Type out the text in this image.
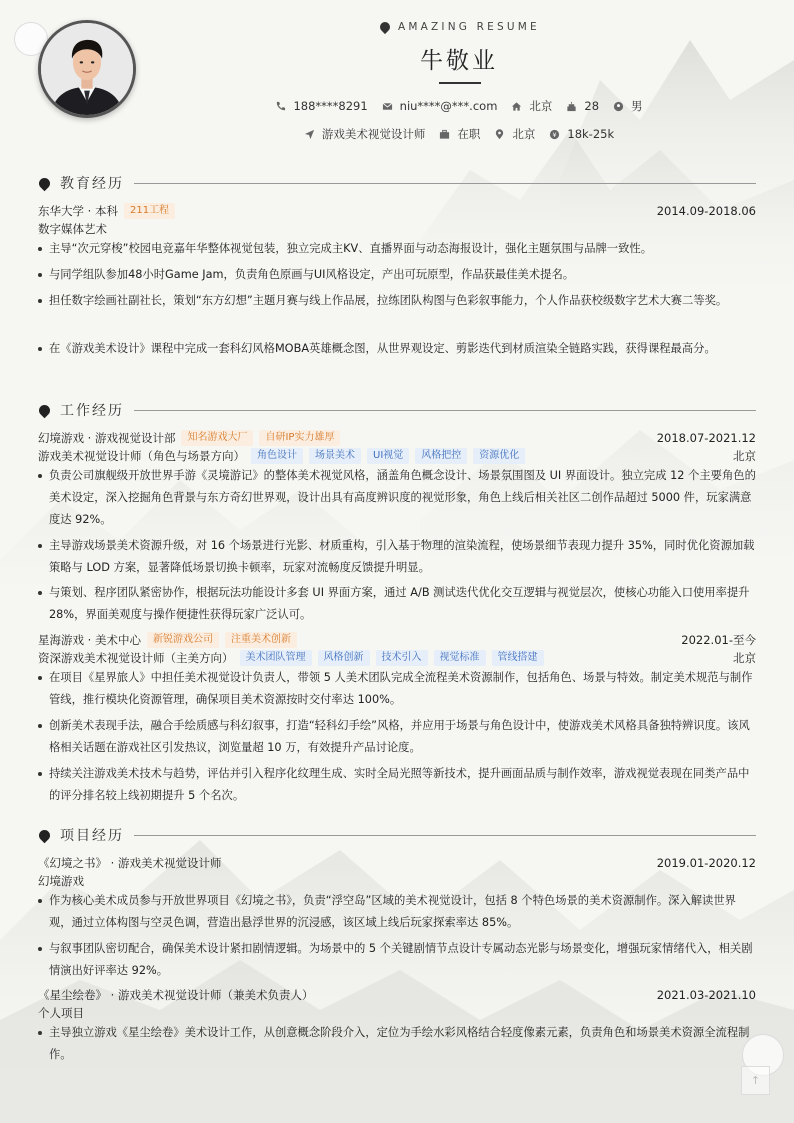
AMAZING RESUME
牛敬业
188****8291	niu****@***.com	北京	28	男
游戏美术视觉设计师	在职	北京 ¥ 18k-25k
教育经历
东华大学 · 本科	211工程	2014.09-2018.06
数字媒体艺术
主导“次元穿梭”校园电竞嘉年华整体视觉包装，独立完成主KV、直播界面与动态海报设计，强化主题氛围与品牌一致性。
与同学组队参加48小时Game Jam，负责角色原画与UI风格设定，产出可玩原型，作品获最佳美术提名。
担任数字绘画社副社长，策划“东方幻想”主题月赛与线上作品展，拉练团队构图与色彩叙事能力，个人作品获校级数字艺术大赛二等奖。
在《游戏美术设计》课程中完成一套科幻风格MOBA英雄概念图，从世界观设定、剪影迭代到材质渲染全链路实践，获得课程最高分。
工作经历
幻境游戏 · 游戏视觉设计部	知名游戏大厂	自研IP实力雄厚	2018.07-2021.12
游戏美术视觉设计师（角色与场景方向）	角色设计	场景美术	UI视觉	风格把控	资源优化	北京
负责公司旗舰级开放世界手游《灵境游记》的整体美术视觉风格，涵盖角色概念设计、场景氛围图及 UI 界面设计。独立完成 12 个主要角色的美术设定，深入挖掘角色背景与东方奇幻世界观，设计出具有高度辨识度的视觉形象，角色上线后相关社区二创作品超过 5000 件，玩家满意度达 92%。
主导游戏场景美术资源升级，对 16 个场景进行光影、材质重构，引入基于物理的渲染流程，使场景细节表现力提升 35%，同时优化资源加载策略与 LOD 方案，显著降低场景切换卡顿率，玩家对流畅度反馈提升明显。
与策划、程序团队紧密协作，根据玩法功能设计多套 UI 界面方案，通过 A/B 测试迭代优化交互逻辑与视觉层次，使核心功能入口使用率提升 28%，界面美观度与操作便捷性获得玩家广泛认可。
星海游戏 · 美术中心	新锐游戏公司	注重美术创新	2022.01-至今
资深游戏美术视觉设计师（主美方向）	美术团队管理	风格创新	技术引入	视觉标准	管线搭建	北京
在项目《星界旅人》中担任美术视觉设计负责人，带领 5 人美术团队完成全流程美术资源制作，包括角色、场景与特效。制定美术规范与制作管线，推行模块化资源管理，确保项目美术资源按时交付率达 100%。
创新美术表现手法，融合手绘质感与科幻叙事，打造“轻科幻手绘”风格，并应用于场景与角色设计中，使游戏美术风格具备独特辨识度。该风格相关话题在游戏社区引发热议，浏览量超 10 万，有效提升产品讨论度。
持续关注游戏美术技术与趋势，评估并引入程序化纹理生成、实时全局光照等新技术，提升画面品质与制作效率，游戏视觉表现在同类产品中的评分排名较上线初期提升 5 个名次。
项目经历
《幻境之书》 · 游戏美术视觉设计师	2019.01-2020.12
幻境游戏
作为核心美术成员参与开放世界项目《幻境之书》，负责“浮空岛”区域的美术视觉设计，包括 8 个特色场景的美术资源制作。深入解读世界观，通过立体构图与空灵色调，营造出悬浮世界的沉浸感，该区域上线后玩家探索率达 85%。
与叙事团队密切配合，确保美术设计紧扣剧情逻辑。为场景中的 5 个关键剧情节点设计专属动态光影与场景变化，增强玩家情绪代入，相关剧情演出好评率达 92%。
《星尘绘卷》 · 游戏美术视觉设计师（兼美术负责人）	2021.03-2021.10
个人项目
主导独立游戏《星尘绘卷》美术设计工作，从创意概念阶段介入，定位为手绘水彩风格结合轻度像素元素，负责角色和场景美术资源全流程制作。
↑
